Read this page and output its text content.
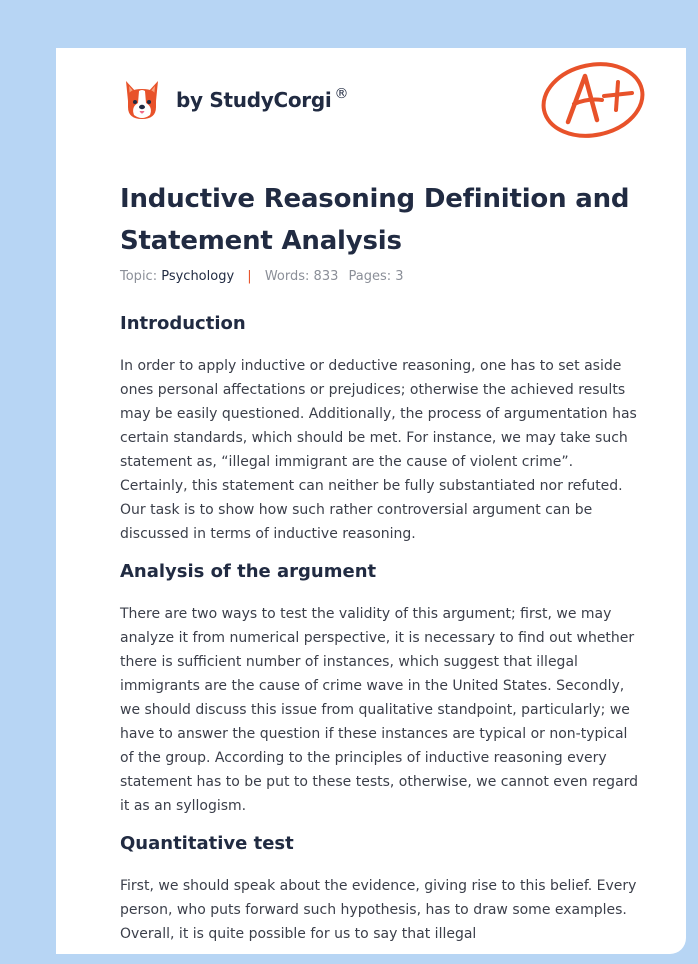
by StudyCorgi ®
A+
Inductive Reasoning Definition and Statement Analysis
Topic: Psychology | Words: 833 Pages: 3
Introduction

In order to apply inductive or deductive reasoning, one has to set aside ones personal affectations or prejudices; otherwise the achieved results may be easily questioned. Additionally, the process of argumentation has certain standards, which should be met. For instance, we may take such statement as, “illegal immigrant are the cause of violent crime”. Certainly, this statement can neither be fully substantiated nor refuted. Our task is to show how such rather controversial argument can be discussed in terms of inductive reasoning.

Analysis of the argument

There are two ways to test the validity of this argument; first, we may analyze it from numerical perspective, it is necessary to find out whether there is sufficient number of instances, which suggest that illegal immigrants are the cause of crime wave in the United States. Secondly, we should discuss this issue from qualitative standpoint, particularly; we have to answer the question if these instances are typical or non-typical of the group. According to the principles of inductive reasoning every statement has to be put to these tests, otherwise, we cannot even regard it as an syllogism.

Quantitative test

First, we should speak about the evidence, giving rise to this belief. Every person, who puts forward such hypothesis, has to draw some examples. Overall, it is quite possible for us to say that illegal
